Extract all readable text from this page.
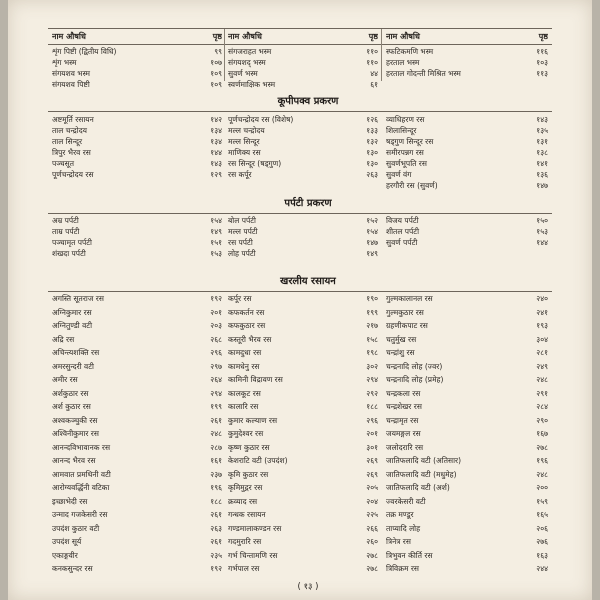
नाम औषधि	पृष्ठ नाम औषधि	पृष्ठ नाम औषधि	पृष्ठ
शृंग पिष्टी (द्वितीय विधि)	९९ संगजराहत भस्म	११० स्फटिकमणि भस्म	११६
शृंग भस्म	१०७ संगयशद् भस्म	११० हरताल भस्म	१०३
संगयशव भस्म	१०९ सुवर्ण भस्म	४४ हरताल गोदन्ती मिश्रित भस्म	११३
संगयशव पिष्टी	१०९ स्वर्णमाक्षिक भस्म	६१
अष्टमूर्ति रसायन	१४२ पूर्णचन्द्रोदय रस (विशेष)	१२६ व्याधिहरण रस	१४३
ताल चन्द्रोदय	१३४ मल्ल चन्द्रोदय	१३३ शिलासिन्दूर	१३५
ताल सिन्दूर	१३४ मल्ल सिन्दूर	१३२ षड्गुण सिन्दूर रस	१३१
त्रिपुर भैरव रस	१४४ माणिक्य रस	१३० समीरपन्नग रस	१३८
पञ्चसूत	१४३ रस सिन्दूर (षड्गुण)	१३० सुवर्णभूपति रस	१४१
पूर्णचन्द्रोदय रस	१२९ रस कर्पूर	२६३ सुवर्ण वंग	१३६
हरगौरी रस (सुवर्ण)	१४७
अम्र पर्पटी	१५४ बोल पर्पटी	१५२ विजय पर्पटी	१५०
ताम्र पर्पटी	१४९ मल्ल पर्पटी	१५४ शीतल पर्पटी	१५३
पञ्चामृत पर्पटी	१५१ रस पर्पटी	१४७ सुवर्ण पर्पटी	१४४
शंखदा पर्पटी	१५३ लोह पर्पटी	१४९
अगस्ति सूतराज रस	१९२ कर्पूर रस	१९० गुल्मकालानल रस	२४०
अग्निकुमार रस	२०१ कफकर्तन रस	१९९ गुल्मकुठार रस	२४१
अग्नितुण्डी वटी	२०३ कफकुठार रस	२१७ ग्रहणीकपाट रस	१९३
अद्रि रस	२६८ कस्तूरी भैरव रस	१५८ चतुर्मुख रस	३०४
अचिन्त्यशक्ति रस	२९६ कामदुधा रस	१९८ चन्द्रांशु रस	२८१
अमरसुन्दरी वटी	२९७ कामधेनु रस	३०२ चन्द्रनादि लोह (ज्वर)	२४९
अमीर रस	२६४ कामिनी विद्रावण रस	२९४ चन्द्रनादि लोह (प्रमेह)	२४८
अर्शकुठार रस	२९४ कालकूट रस	२९२ चन्द्रकला रस	२९१
अर्श कुठार रस	१९९ कालारि रस	१८८ चन्द्रशेखर रस	२८४
अश्वकञ्चुकी रस	२६१ कुमार कल्याण रस	२९६ चन्द्रामृत रस	२९०
अश्विनीकुमार रस	२४८ कुमुदेश्वर रस	२०१ जयमङ्गल रस	१६७
आनन्दविभावानक रस	२८७ कृष्ण कुठार रस	३०१ जलोदरारि रस	२७८
आनन्द भैरव रस	१६१ केशराटि वटी (उपदंश)	२६९ जातिफलादि वटी (अतिसार)	१९६
आमवात प्रमथिनी वटी	२३७ कृमि कुठार रस	२६९ जातिफलादि वटी (मधुमेह)	२४८
आरोग्यवर्द्धिनी वटिका	१९६ कृमिमुद्गर रस	२०५ जातिफलादि वटी (अर्श)	२००
इच्छाभेदी रस	१८८ क्रव्याद रस	२०४ ज्वरकेसरी वटी	१५९
उन्माद गजकेसरी रस	२६१ गन्धक रसायन	२२५ तक्र मण्डूर	१६५
उपदंश कुठार वटी	२६३ गण्डमालाकण्डन रस	२६६ ताप्यादि लोह	२०६
उपदंश सूर्य	२६१ गदमुरारि रस	२६० त्रिनेत्र रस	२७६
एकाङ्गवीर	२३५ गर्भ चिन्तामणि रस	२७८ त्रिभुवन कीर्ति रस	१६३
कनकसुन्दर रस	१९२ गर्भपाल रस	२७८ त्रिविक्रम रस	२४४
कूपीपक्व प्रकरण
पर्पटी प्रकरण
खरलीय रसायन
( १३ )
